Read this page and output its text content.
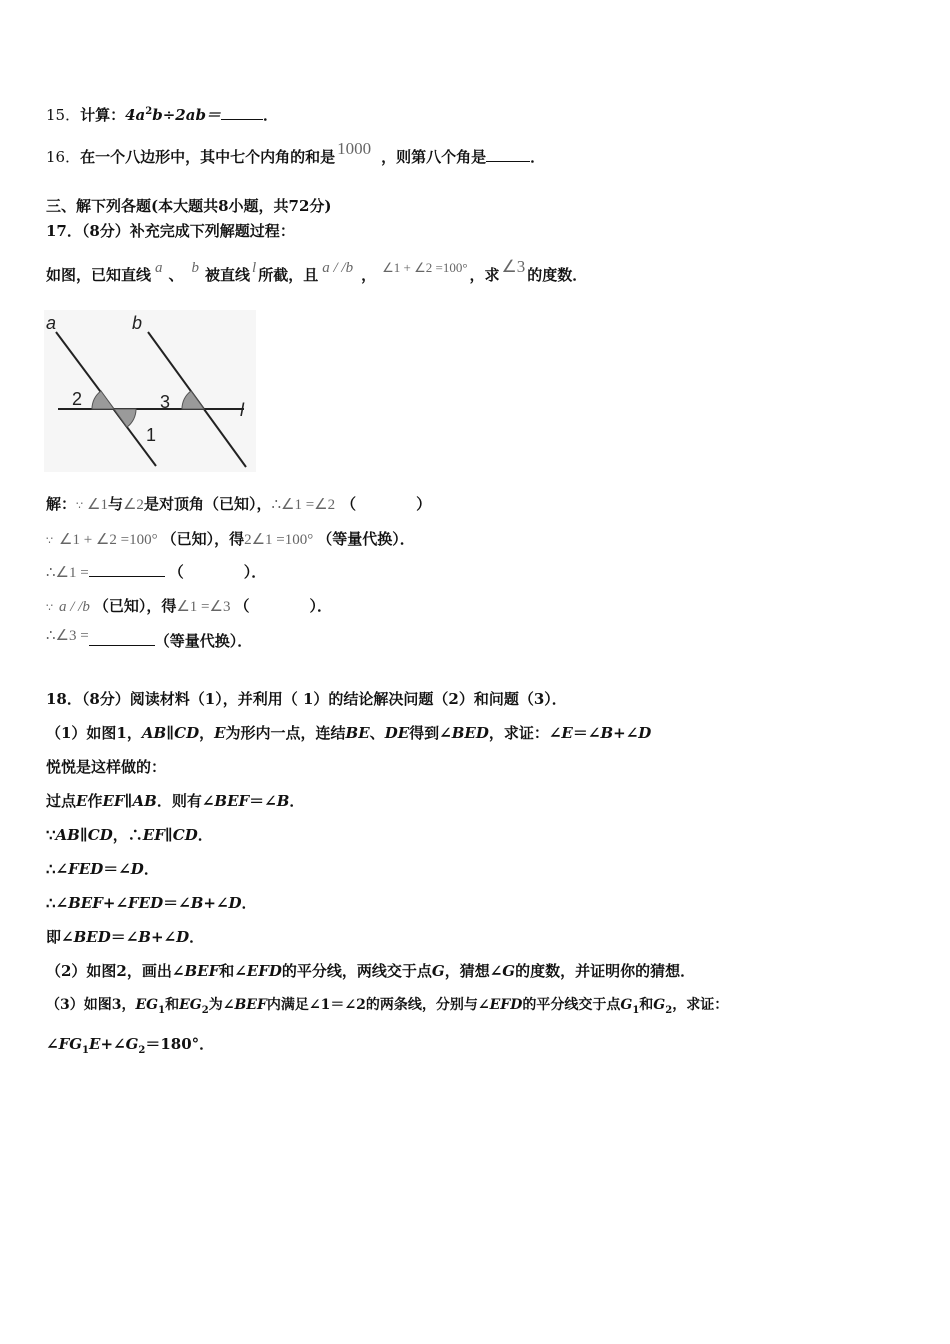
15．计算：$4a^2b\div 2ab=$	．
16．在一个八边形中，其中七个内角的和是 1000 ，则第八个角是	．
三、解下列各题(本大题共8小题，共72分)
17．（8分）补充完成下列解题过程：
如图，已知直线 a 、 b 被直线 l 所截，且 a / /b ， ∠1 + ∠2 =100° ，求 ∠3 的度数．
a	b
l
2
1
3
解：∵ ∠1与∠2是对顶角（已知），∴∠1 =∠2 （　　　　）
∵ ∠1 + ∠2 =100° （已知），得2∠1 =100° （等量代换）．
∴∠1 =	（　　　　）．
∵ a / /b （已知），得∠1 =∠3 （　　　　）．
∴∠3 =	（等量代换）．
18．（8分）阅读材料（1），并利用（ 1）的结论解决问题（2）和问题（3）．
（1）如图1，AB∥CD，E为形内一点，连结BE、DE得到∠BED，求证：∠E＝∠B+∠D
悦悦是这样做的：
过点E作EF∥AB．则有∠BEF＝∠B．
∵AB∥CD，∴EF∥CD．
∴∠FED＝∠D．
∴∠BEF+∠FED＝∠B+∠D．
即∠BED＝∠B+∠D．
（2）如图2，画出∠BEF和∠EFD的平分线，两线交于点G，猜想∠G的度数，并证明你的猜想．
（3）如图3，$EG_1$和$EG_2$为∠BEF内满足∠1＝∠2的两条线，分别与∠EFD的平分线交于点$G_1$和$G_2$，求证：
$\angle FG_1E+\angle G_2=180^\circ$．
